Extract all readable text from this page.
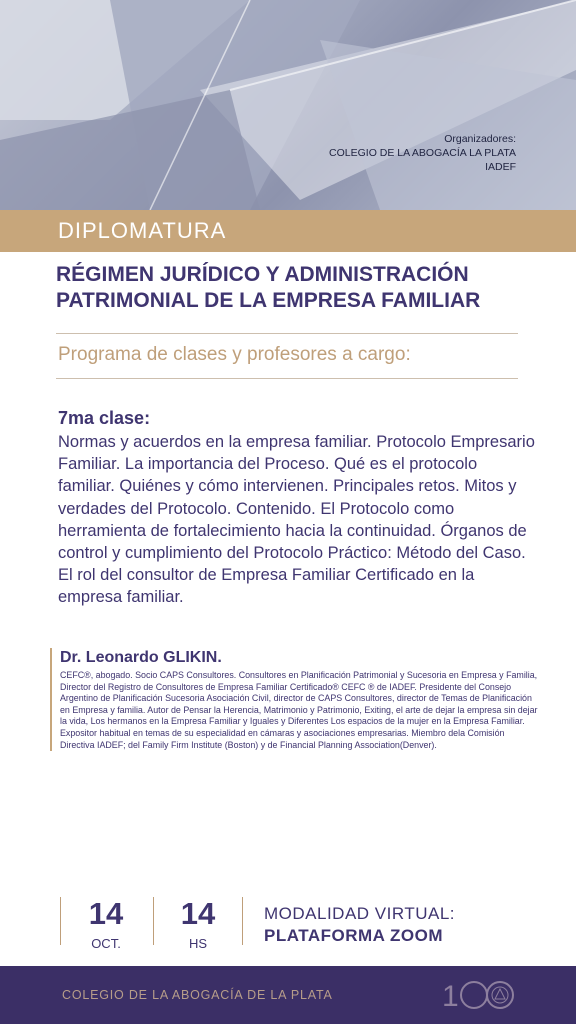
Organizadores:
COLEGIO DE LA ABOGACÍA LA PLATA
IADEF
DIPLOMATURA
RÉGIMEN JURÍDICO Y ADMINISTRACIÓN
PATRIMONIAL DE LA EMPRESA FAMILIAR
Programa de clases y profesores a cargo:
7ma clase:
Normas y acuerdos en la empresa familiar. Protocolo Empresario Familiar. La importancia del Proceso. Qué es el protocolo familiar. Quiénes y cómo intervienen. Principales retos. Mitos y verdades del Protocolo. Contenido. El Protocolo como herramienta de fortalecimiento hacia la continuidad. Órganos de control y cumplimiento del Protocolo Práctico: Método del Caso. El rol del consultor de Empresa Familiar Certificado en la empresa familiar.
Dr. Leonardo GLIKIN.
CEFC®, abogado. Socio CAPS Consultores. Consultores en Planificación Patrimonial y Sucesoria en Empresa y Familia, Director del Registro de Consultores de Empresa Familiar Certificado® CEFC ® de IADEF. Presidente del Consejo Argentino de Planificación Sucesoria Asociación Civil, director de CAPS Consultores, director de Temas de Planificación en Empresa y familia. Autor de Pensar la Herencia, Matrimonio y Patrimonio, Exiting, el arte de dejar la empresa sin dejar la vida, Los hermanos en la Empresa Familiar y Iguales y Diferentes Los espacios de la mujer en la Empresa Familiar. Expositor habitual en temas de su especialidad en cámaras y asociaciones empresarias. Miembro dela Comisión Directiva IADEF; del Family Firm Institute (Boston) y de Financial Planning Association(Denver).
14
OCT.
14
HS
MODALIDAD VIRTUAL:
PLATAFORMA ZOOM
COLEGIO DE LA ABOGACÍA DE LA PLATA	1
